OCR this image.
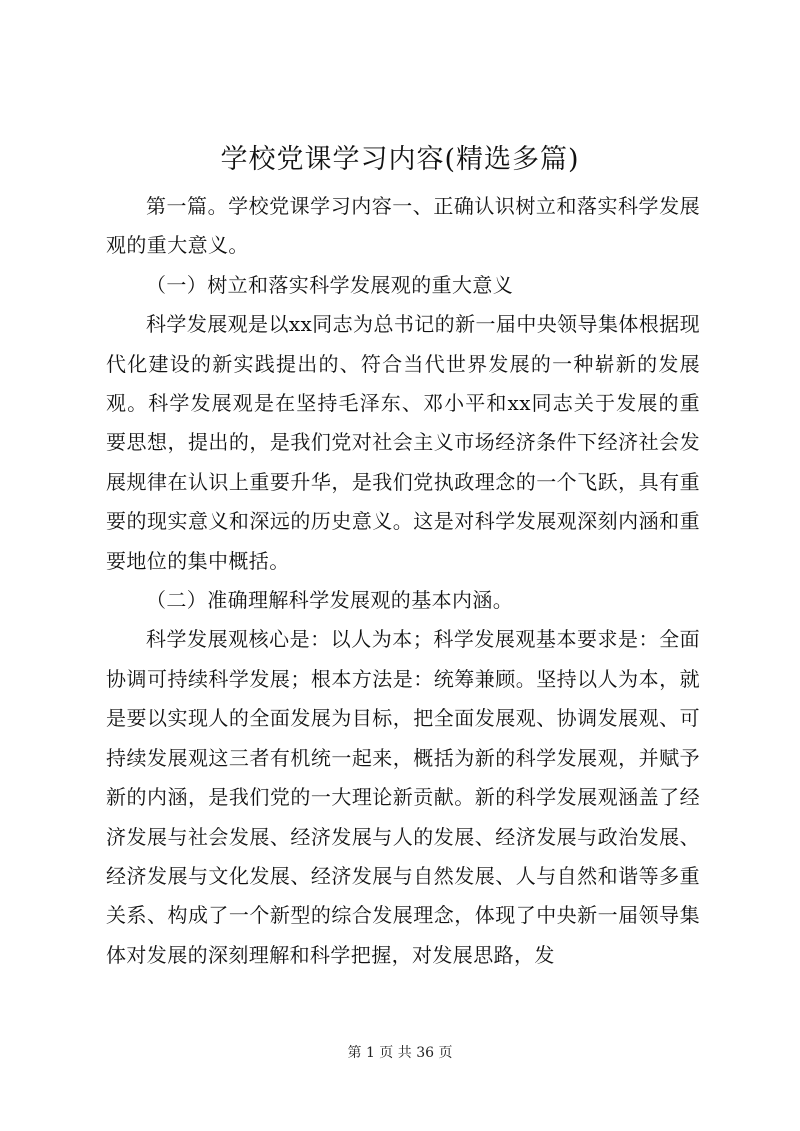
学校党课学习内容(精选多篇)

第一篇。学校党课学习内容一、正确认识树立和落实科学发展观的重大意义。

（一）树立和落实科学发展观的重大意义

科学发展观是以xx同志为总书记的新一届中央领导集体根据现代化建设的新实践提出的、符合当代世界发展的一种崭新的发展观。科学发展观是在坚持毛泽东、邓小平和xx同志关于发展的重要思想，提出的，是我们党对社会主义市场经济条件下经济社会发展规律在认识上重要升华，是我们党执政理念的一个飞跃，具有重要的现实意义和深远的历史意义。这是对科学发展观深刻内涵和重要地位的集中概括。

（二）准确理解科学发展观的基本内涵。

科学发展观核心是：以人为本；科学发展观基本要求是：全面协调可持续科学发展；根本方法是：统筹兼顾。坚持以人为本，就是要以实现人的全面发展为目标，把全面发展观、协调发展观、可持续发展观这三者有机统一起来，概括为新的科学发展观，并赋予新的内涵，是我们党的一大理论新贡献。新的科学发展观涵盖了经济发展与社会发展、经济发展与人的发展、经济发展与政治发展、经济发展与文化发展、经济发展与自然发展、人与自然和谐等多重关系、构成了一个新型的综合发展理念，体现了中央新一届领导集体对发展的深刻理解和科学把握，对发展思路，发

第 1 页 共 36 页
